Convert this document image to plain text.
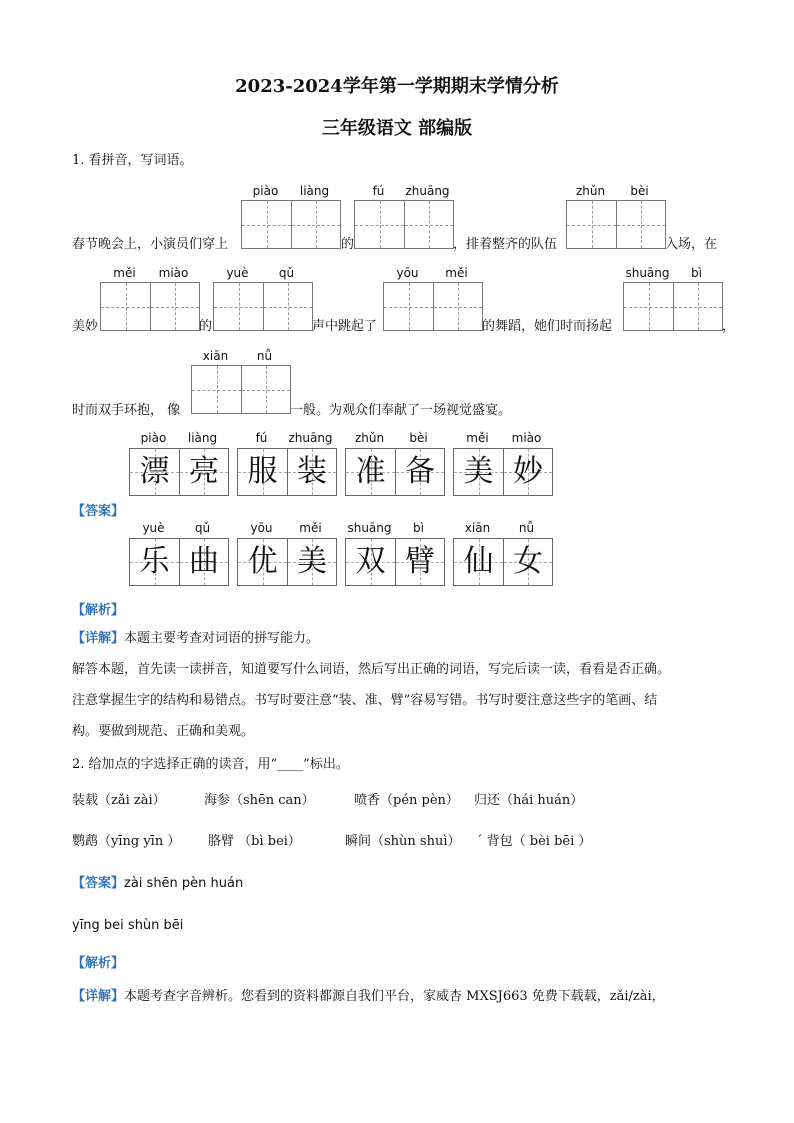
2023-2024学年第一学期期末学情分析
三年级语文 部编版
1. 看拼音，写词语。
piào	liàng	fú	zhuāng	zhǔn	bèi
春节晚会上，小演员们穿上	的	，排着整齐的队伍	入场，在
měi	miào	yuè	qǔ	yōu	měi	shuāng	bì
美妙	的	声中跳起了	的舞蹈，她们时而扬起	，
xiān	nǚ
时而双手环抱， 像	一般。为观众们奉献了一场视觉盛宴。
piào	liàng	fú	zhuāng	zhǔn	bèi	měi	miào
漂 亮 服 装 准 备 美 妙
【答案】
yuè	qǔ	yōu	měi	shuāng	bì	xiān	nǚ
乐 曲 优 美 双 臂 仙 女
【解析】
【详解】本题主要考查对词语的拼写能力。
解答本题，首先读一读拼音，知道要写什么词语，然后写出正确的词语，写完后读一读，看看是否正确。
注意掌握生字的结构和易错点。书写时要注意“装、准、臂”容易写错。书写时要注意这些字的笔画、结
构。要做到规范、正确和美观。
2. 给加点的字选择正确的读音，用“____”标出。
装载（zǎi zài）	海参（shēn can）	喷香（pén pèn） 归还（hái huán）
鹦鹉（yīng yīn ） 胳臂 （bì bei）	瞬间（shùn shuì） ˊ 背包（ bèi bēi ）
【答案】zài shēn pèn huán
yīng bei shùn bēi
【解析】
【详解】本题考查字音辨析。您看到的资料都源自我们平台，家威杏 MXSJ663 免费下载载，zǎi/zài，
